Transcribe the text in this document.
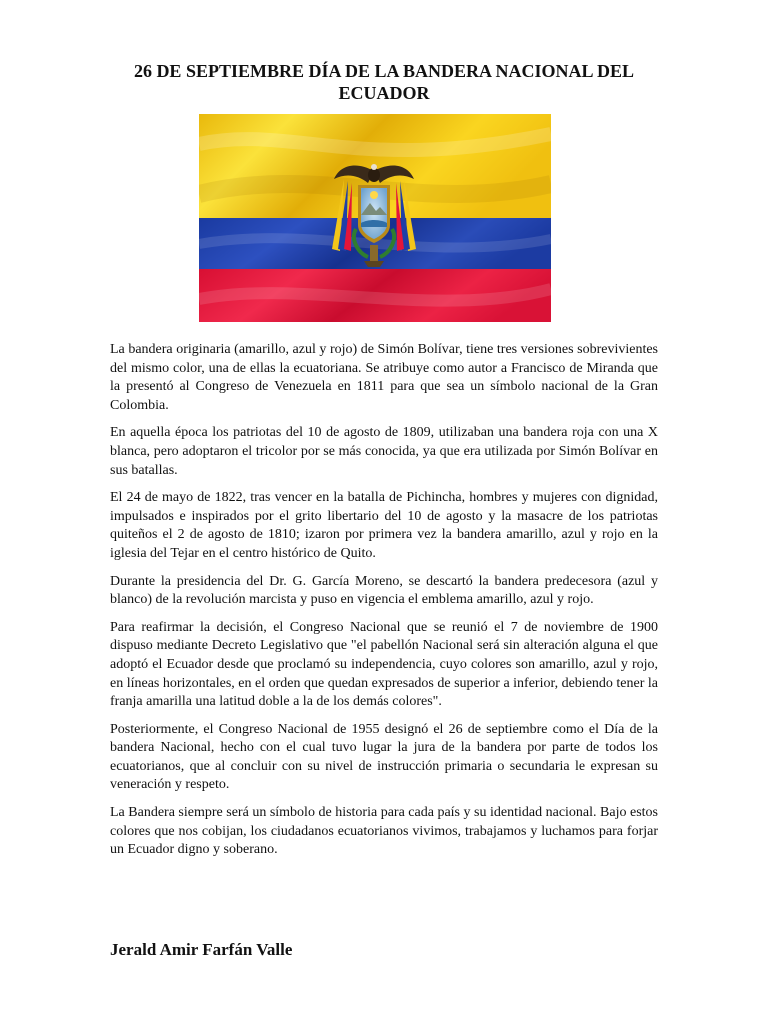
26 DE SEPTIEMBRE DÍA DE LA BANDERA NACIONAL DEL ECUADOR

La bandera originaria (amarillo, azul y rojo) de Simón Bolívar, tiene tres versiones sobrevivientes del mismo color, una de ellas la ecuatoriana. Se atribuye como autor a Francisco de Miranda que la presentó al Congreso de Venezuela en 1811 para que sea un símbolo nacional de la Gran Colombia.

En aquella época los patriotas del 10 de agosto de 1809, utilizaban una bandera roja con una X blanca, pero adoptaron el tricolor por se más conocida, ya que era utilizada por Simón Bolívar en sus batallas.

El 24 de mayo de 1822, tras vencer en la batalla de Pichincha, hombres y mujeres con dignidad, impulsados e inspirados por el grito libertario del 10 de agosto y la masacre de los patriotas quiteños el 2 de agosto de 1810; izaron por primera vez la bandera amarillo, azul y rojo en la iglesia del Tejar en el centro histórico de Quito.

Durante la presidencia del Dr. G. García Moreno, se descartó la bandera predecesora (azul y blanco) de la revolución marcista y puso en vigencia el emblema amarillo, azul y rojo.

Para reafirmar la decisión, el Congreso Nacional que se reunió el 7 de noviembre de 1900 dispuso mediante Decreto Legislativo que "el pabellón Nacional será sin alteración alguna el que adoptó el Ecuador desde que proclamó su independencia, cuyo colores son amarillo, azul y rojo, en líneas horizontales, en el orden que quedan expresados de superior a inferior, debiendo tener la franja amarilla una latitud doble a la de los demás colores".

Posteriormente, el Congreso Nacional de 1955 designó el 26 de septiembre como el Día de la bandera Nacional, hecho con el cual tuvo lugar la jura de la bandera por parte de todos los ecuatorianos, que al concluir con su nivel de instrucción primaria o secundaria le expresan su veneración y respeto.

La Bandera siempre será un símbolo de historia para cada país y su identidad nacional. Bajo estos colores que nos cobijan, los ciudadanos ecuatorianos vivimos, trabajamos y luchamos para forjar un Ecuador digno y soberano.

Jerald Amir Farfán Valle
